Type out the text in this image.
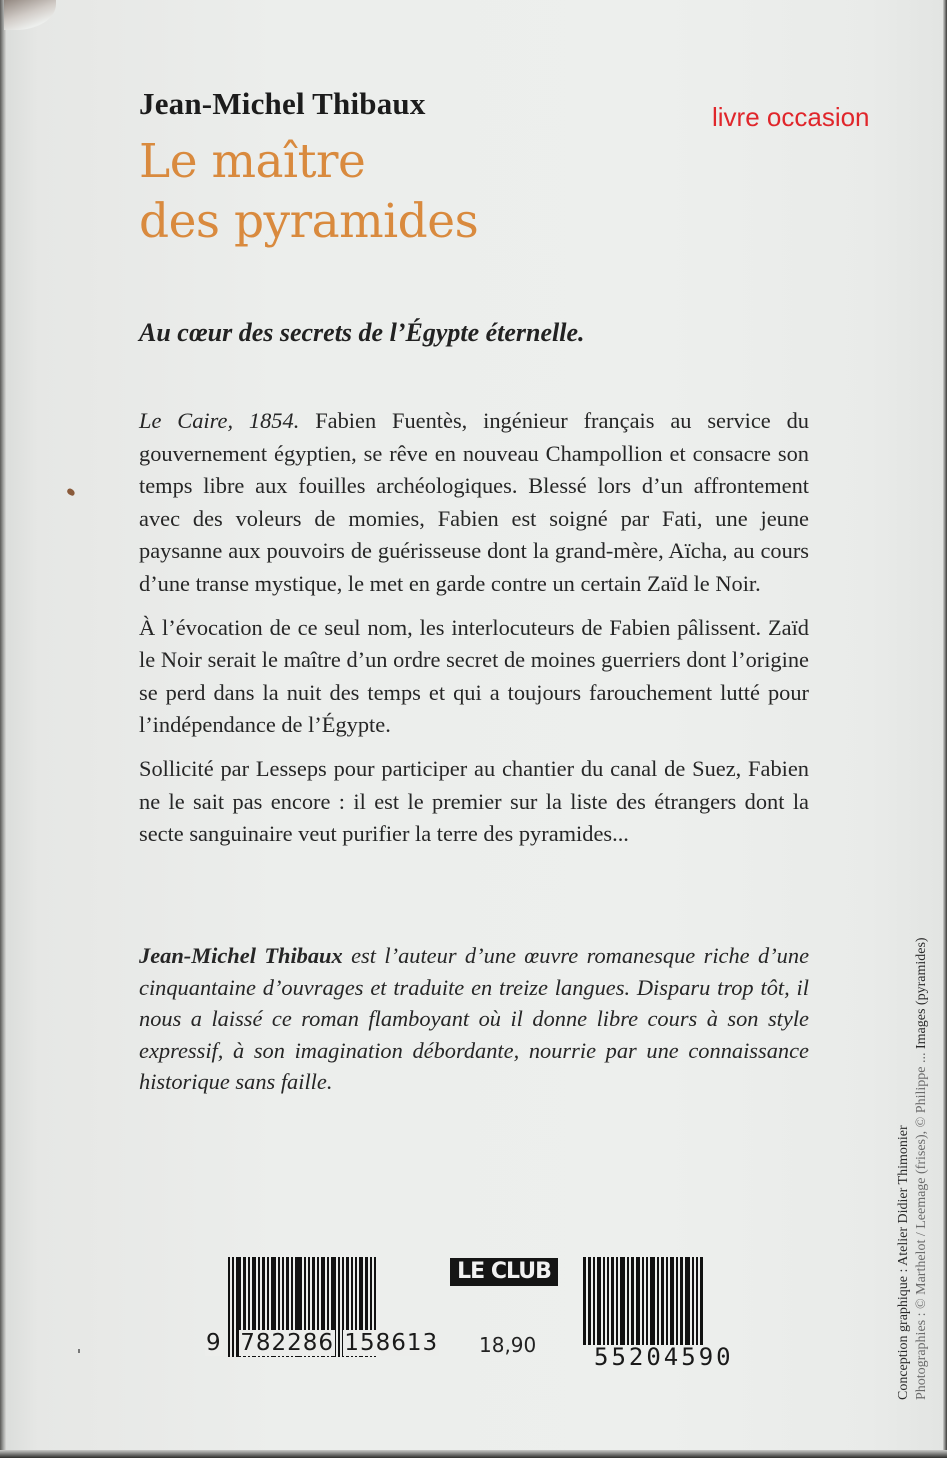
Jean-Michel Thibaux
Le maître
des pyramides
livre occasion
Au cœur des secrets de l’Égypte éternelle.

Le Caire, 1854. Fabien Fuentès, ingénieur français au service du gouvernement égyptien, se rêve en nouveau Champollion et consacre son temps libre aux fouilles archéologiques. Blessé lors d’un affrontement avec des voleurs de momies, Fabien est soigné par Fati, une jeune paysanne aux pouvoirs de guérisseuse dont la grand-mère, Aïcha, au cours d’une transe mystique, le met en garde contre un certain Zaïd le Noir.

À l’évocation de ce seul nom, les interlocuteurs de Fabien pâlissent. Zaïd le Noir serait le maître d’un ordre secret de moines guerriers dont l’origine se perd dans la nuit des temps et qui a toujours farouchement lutté pour l’indépendance de l’Égypte.

Sollicité par Lesseps pour participer au chantier du canal de Suez, Fabien ne le sait pas encore : il est le premier sur la liste des étrangers dont la secte sanguinaire veut purifier la terre des pyramides...

Jean-Michel Thibaux est l’auteur d’une œuvre romanesque riche d’une cinquantaine d’ouvrages et traduite en treize langues. Disparu trop tôt, il nous a laissé ce roman flamboyant où il donne libre cours à son style expressif, à son imagination débordante, nourrie par une connaissance historique sans faille.
9 782286 158613
LE CLUB
18,90 55204590	Conception graphique : Atelier Didier Thimonier Photographies : © Marthelot / Leemage (frises), © Philippe ... Images (pyramides)
